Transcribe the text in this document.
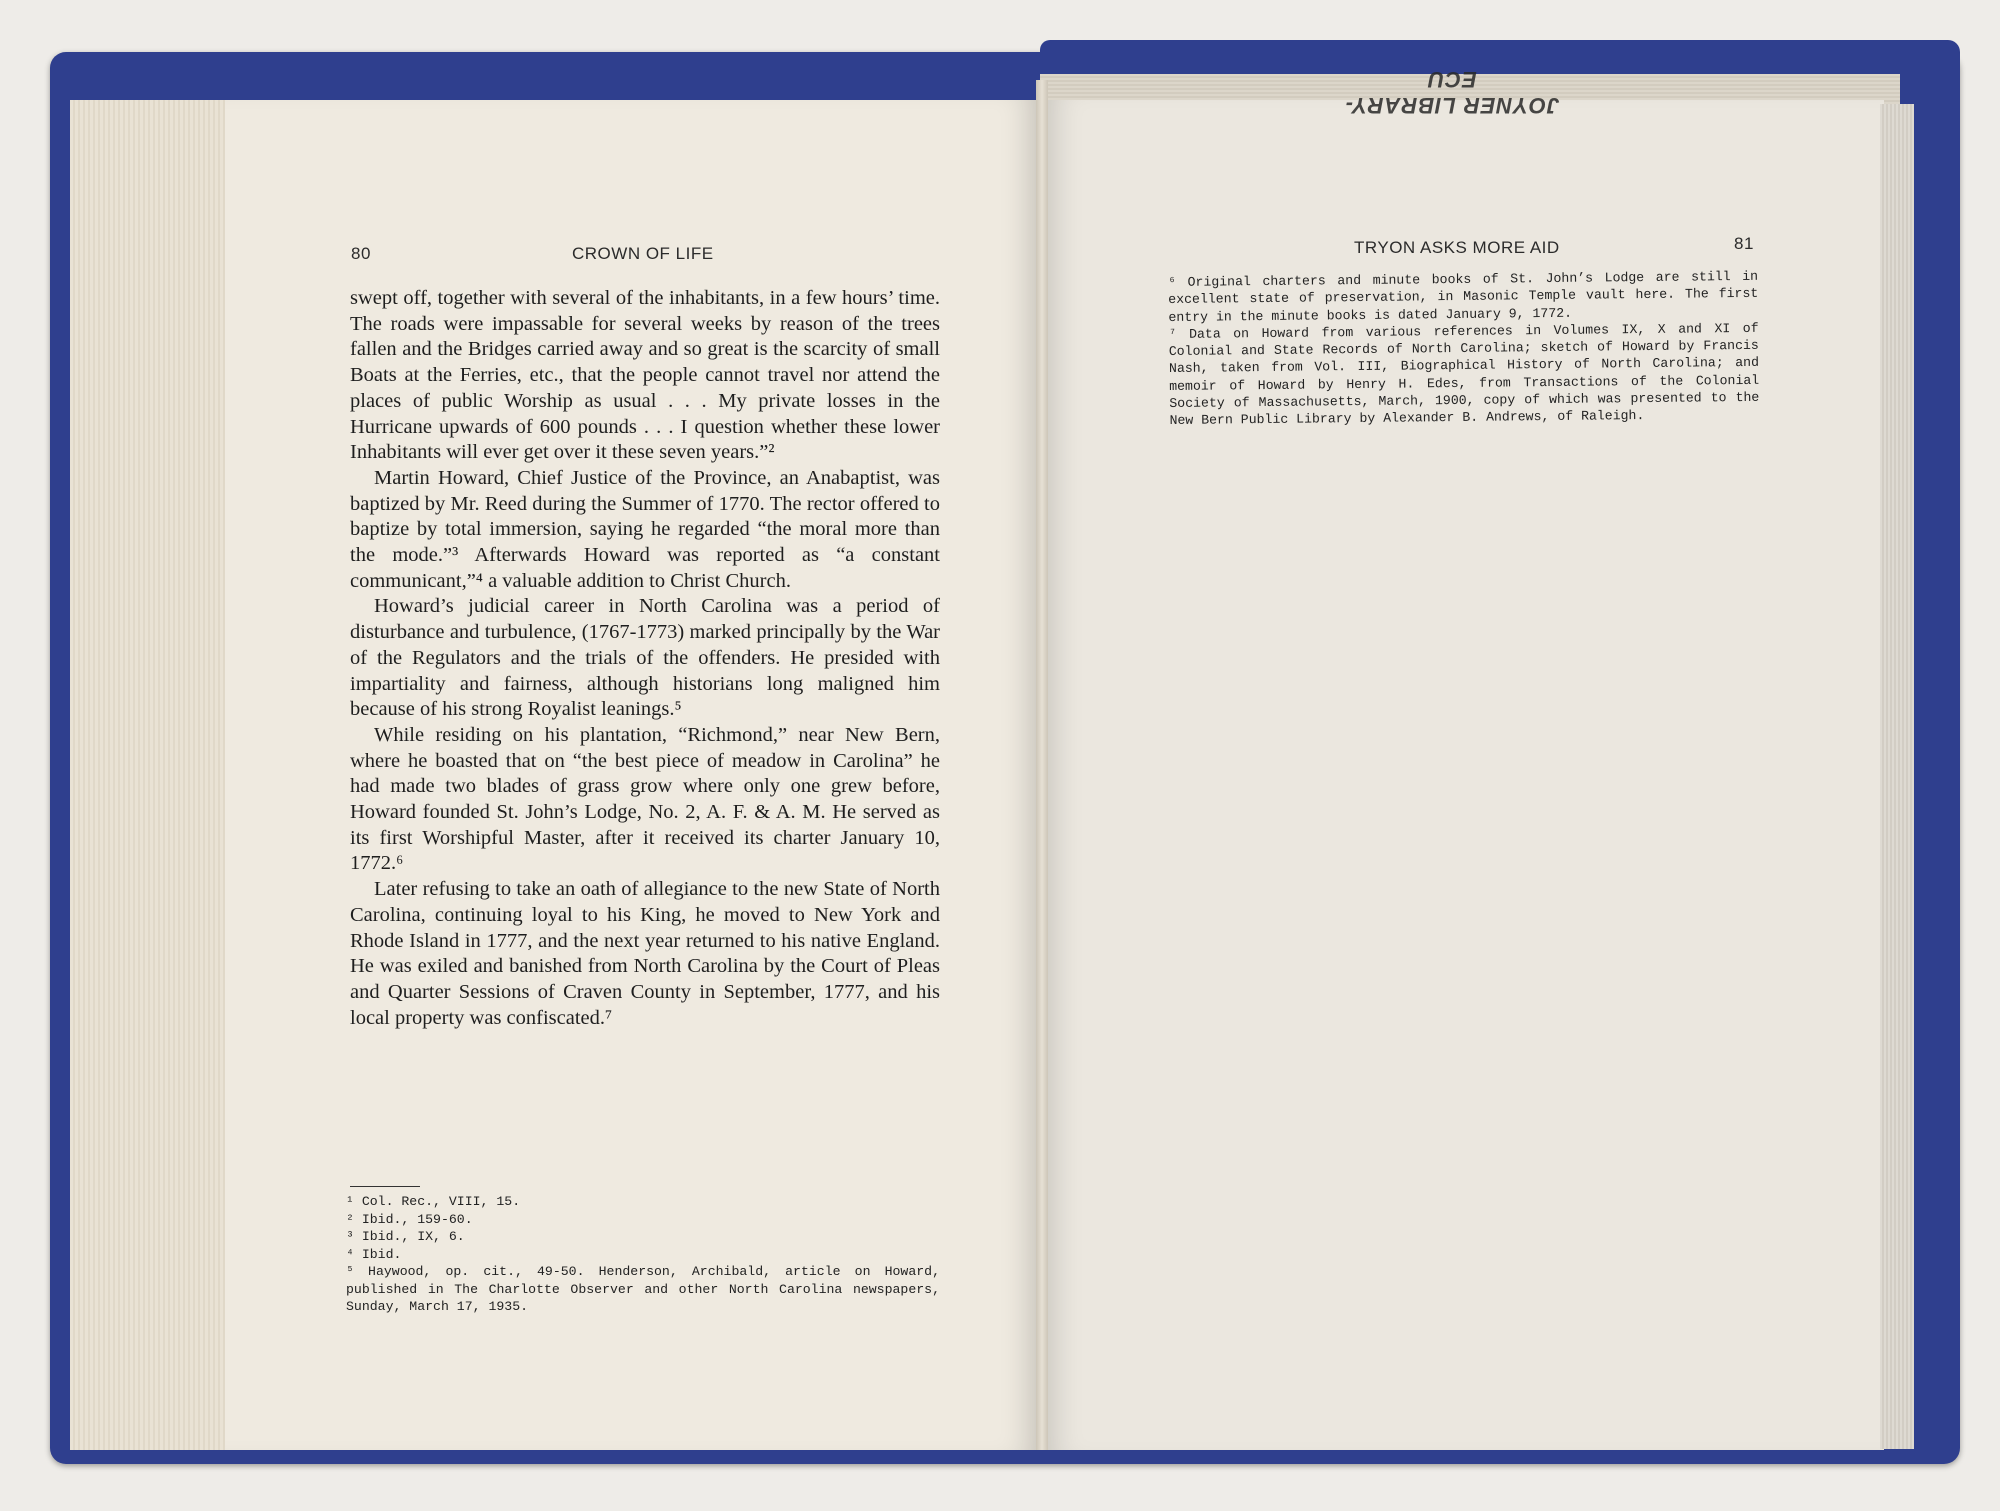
JOYNER LIBRARY-ECU
80	CROWN OF LIFE	TRYON ASKS MORE AID	81

swept off, together with several of the inhabitants, in a few hours’ time. The roads were impassable for several weeks by reason of the trees fallen and the Bridges carried away and so great is the scarcity of small Boats at the Ferries, etc., that the people cannot travel nor attend the places of public Worship as usual . . . My private losses in the Hurricane upwards of 600 pounds . . . I question whether these lower Inhabitants will ever get over it these seven years.”²

Martin Howard, Chief Justice of the Province, an Anabaptist, was baptized by Mr. Reed during the Summer of 1770. The rector offered to baptize by total immersion, saying he regarded “the moral more than the mode.”³ Afterwards Howard was reported as “a constant communicant,”⁴ a valuable addition to Christ Church.

Howard’s judicial career in North Carolina was a period of disturbance and turbulence, (1767-1773) marked principally by the War of the Regulators and the trials of the offenders. He presided with impartiality and fairness, although historians long maligned him because of his strong Royalist leanings.⁵

While residing on his plantation, “Richmond,” near New Bern, where he boasted that on “the best piece of meadow in Carolina” he had made two blades of grass grow where only one grew before, Howard founded St. John’s Lodge, No. 2, A. F. & A. M. He served as its first Worshipful Master, after it received its charter January 10, 1772.⁶

Later refusing to take an oath of allegiance to the new State of North Carolina, continuing loyal to his King, he moved to New York and Rhode Island in 1777, and the next year returned to his native England. He was exiled and banished from North Carolina by the Court of Pleas and Quarter Sessions of Craven County in September, 1777, and his local property was confiscated.⁷

¹ Col. Rec., VIII, 15.

² Ibid., 159-60.

³ Ibid., IX, 6.

⁴ Ibid.

⁵ Haywood, op. cit., 49-50. Henderson, Archibald, article on Howard, published in The Charlotte Observer and other North Carolina newspapers, Sunday, March 17, 1935.

⁶ Original charters and minute books of St. John’s Lodge are still in excellent state of preservation, in Masonic Temple vault here. The first entry in the minute books is dated January 9, 1772.

⁷ Data on Howard from various references in Volumes IX, X and XI of Colonial and State Records of North Carolina; sketch of Howard by Francis Nash, taken from Vol. III, Biographical History of North Carolina; and memoir of Howard by Henry H. Edes, from Transactions of the Colonial Society of Massachusetts, March, 1900, copy of which was presented to the New Bern Public Library by Alexander B. Andrews, of Raleigh.
